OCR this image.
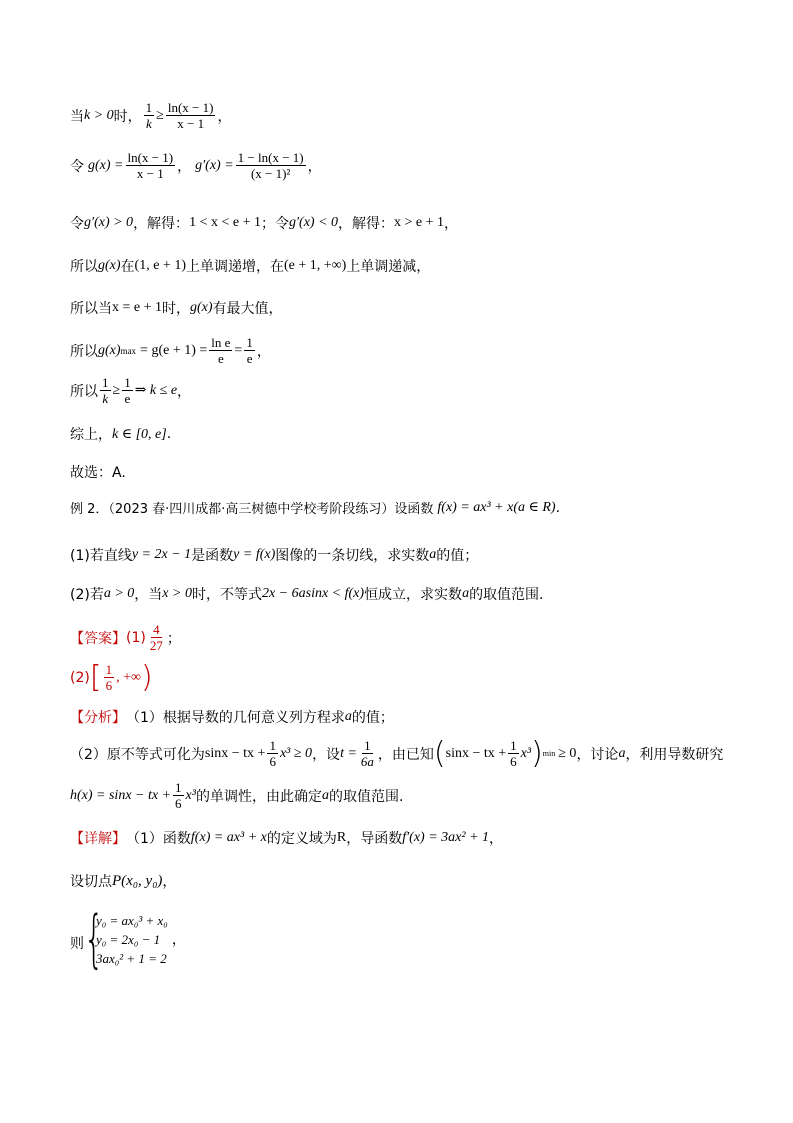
当 k > 0 时， $\frac{1}{k} \ge \frac{\ln(x - 1)}{x - 1}$ ，
令 $g(x) = \frac{\ln(x - 1)}{x - 1}$ ， $g'(x) = \frac{1 - \ln(x - 1)}{\text{(x − 1)²}}$ ，
令 g′(x) > 0 ，解得： 1 < x < e + 1 ；令 g′(x) < 0 ，解得： x > e + 1 ，
所以 g(x) 在 (1, e + 1) 上单调递增，在 (e + 1, +∞) 上单调递减，
所以当 x = e + 1 时， g(x) 有最大值，
所以 g(x) $\max = g(e + 1) = \frac{\text{ln e}}{e} = \frac{1}{e}$ ，
所以 $\frac{1}{k} \ge \frac{1}{e}$ ⇒ k ≤ e ，
综上， k ∈ [0, e] .
故选：A.
例 2．（2023 春·四川成都·高三树德中学校考阶段练习）设函数 f(x) = ax³ + x(a ∈ R) .
(1)若直线 y = 2x − 1 是函数 y = f(x) 图像的一条切线，求实数 a 的值；
(2)若 a > 0 ，当 x > 0 时，不等式 2x − 6asinx < f(x) 恒成立，求实数 a 的取值范围.
【答案】 $(1) \frac{4}{27}$ ；
(2) [ $\frac{1}{6}$ , +∞ )
【分析】 （1）根据导数的几何意义列方程求 a 的值；
（2）原不等式可化为 sinx − tx + $\frac{1}{6} x^3 \ge 0$ ，设 $t = \frac{1}{6a}$ ，由已知 ( sinx − tx + $\frac{1}{6} x^3$ ) min ≥ 0 ，讨论 a ，利用导数研究
h(x) = sinx − tx + $\frac{1}{6} x^3$ 的单调性，由此确定 a 的取值范围.
【详解】 （1）函数 f(x) = ax³ + x 的定义域为 R ，导函数 f′(x) = 3ax² + 1 ，
设切点 P(x₀, y₀) ，
则 {
y₀ = ax₀³ + x₀
y₀ = 2x₀ − 1
3ax₀² + 1 = 2
，
